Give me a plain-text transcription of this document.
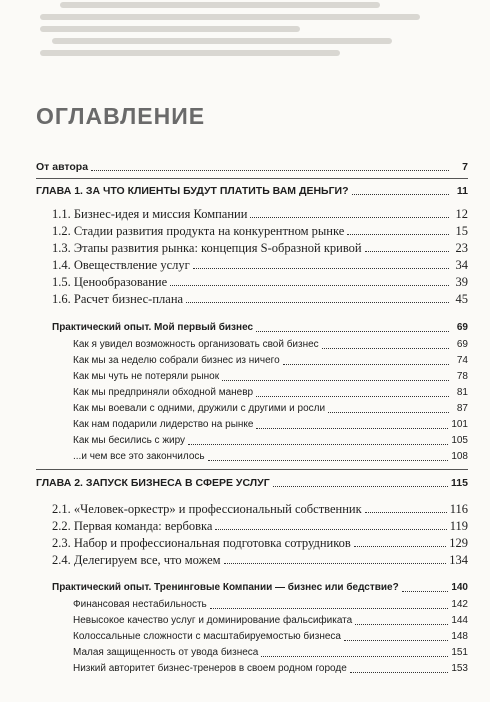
ОГЛАВЛЕНИЕ
От автора	7
ГЛАВА 1. ЗА ЧТО КЛИЕНТЫ БУДУТ ПЛАТИТЬ ВАМ ДЕНЬГИ?	11
1.1. Бизнес-идея и миссия Компании	12
1.2. Стадии развития продукта на конкурентном рынке	15
1.3. Этапы развития рынка: концепция S-образной кривой	23
1.4. Овеществление услуг	34
1.5. Ценообразование	39
1.6. Расчет бизнес-плана	45
Практический опыт. Мой первый бизнес	69
Как я увидел возможность организовать свой бизнес	69
Как мы за неделю собрали бизнес из ничего	74
Как мы чуть не потеряли рынок	78
Как мы предприняли обходной маневр	81
Как мы воевали с одними, дружили с другими и росли	87
Как нам подарили лидерство на рынке	101
Как мы бесились с жиру	105
...и чем все это закончилось	108
ГЛАВА 2. ЗАПУСК БИЗНЕСА В СФЕРЕ УСЛУГ	115
2.1. «Человек-оркестр» и профессиональный собственник	116
2.2. Первая команда: вербовка	119
2.3. Набор и профессиональная подготовка сотрудников	129
2.4. Делегируем все, что можем	134
Практический опыт. Тренинговые Компании — бизнес или бедствие?	140
Финансовая нестабильность	142
Невысокое качество услуг и доминирование фальсификата	144
Колоссальные сложности с масштабируемостью бизнеса	148
Малая защищенность от увода бизнеса	151
Низкий авторитет бизнес-тренеров в своем родном городе	153
